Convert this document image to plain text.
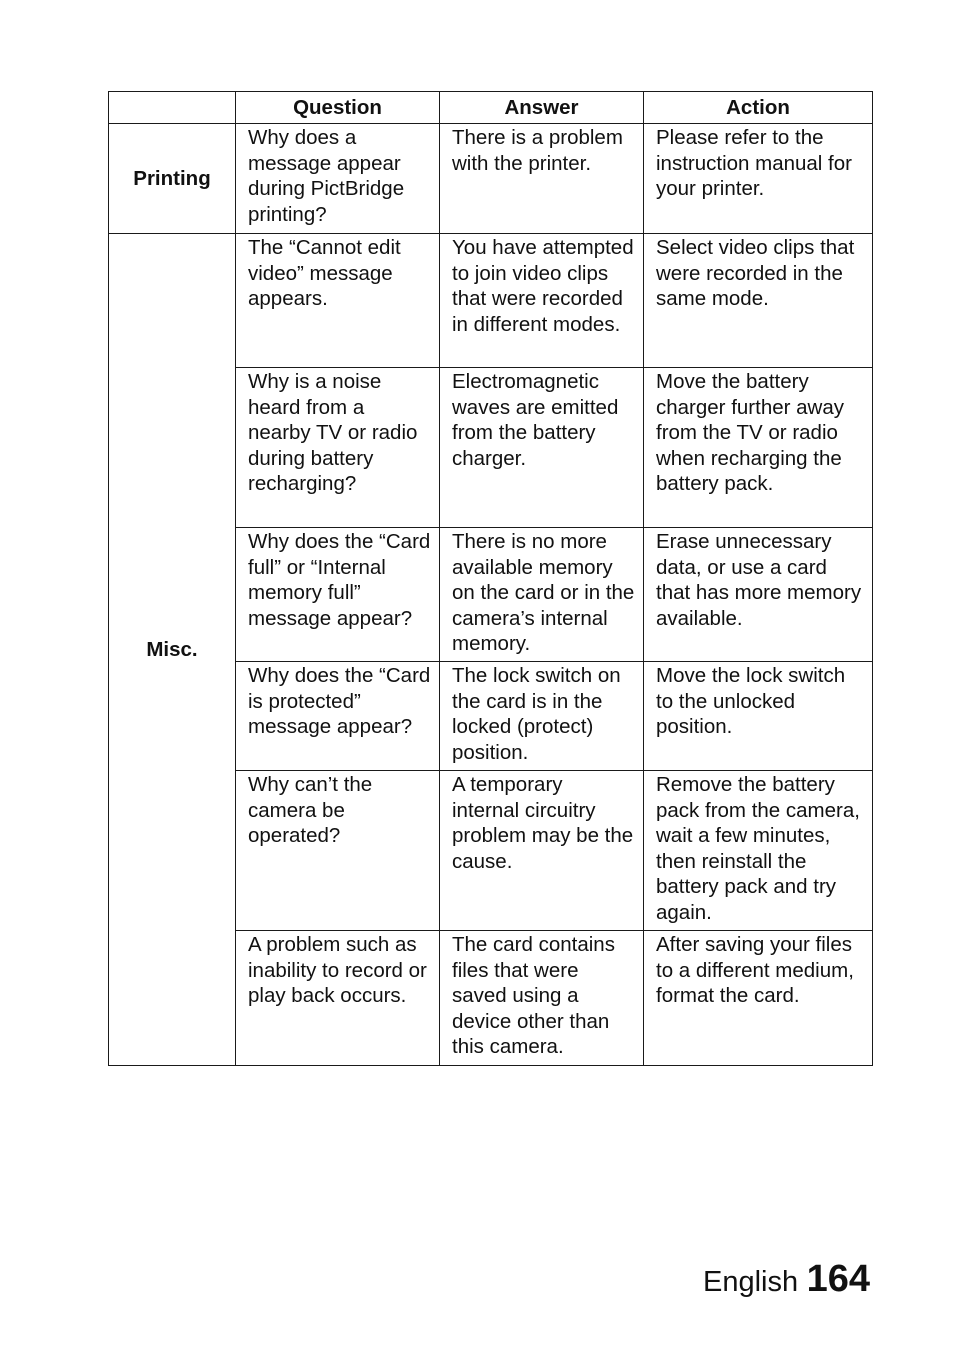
	Question	Answer	Action
Printing	Why does a message appear during PictBridge printing?	There is a problem with the printer.	Please refer to the instruction manual for your printer.
Misc.	The “Cannot edit video” message appears.	You have attempted to join video clips that were recorded in different modes.	Select video clips that were recorded in the same mode.
	Why is a noise heard from a nearby TV or radio during battery recharging?	Electromagnetic waves are emitted from the battery charger.	Move the battery charger further away from the TV or radio when recharging the battery pack.
	Why does the “Card full” or “Internal memory full” message appear?	There is no more available memory on the card or in the camera’s internal memory.	Erase unnecessary data, or use a card that has more memory available.
	Why does the “Card is protected” message appear?	The lock switch on the card is in the locked (protect) position.	Move the lock switch to the unlocked position.
	Why can’t the camera be operated?	A temporary internal circuitry problem may be the cause.	Remove the battery pack from the camera, wait a few minutes, then reinstall the battery pack and try again.
	A problem such as inability to record or play back occurs.	The card contains files that were saved using a device other than this camera.	After saving your files to a different medium, format the card.
English 164
